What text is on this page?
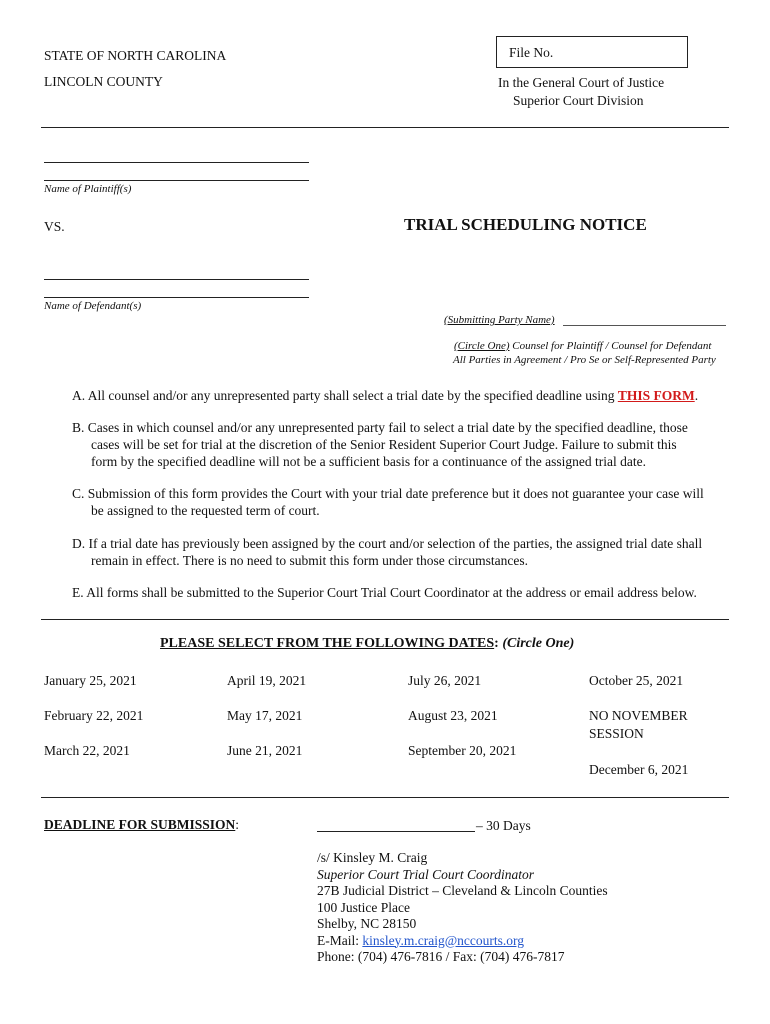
STATE OF NORTH CAROLINA
LINCOLN COUNTY
File No.
In the General Court of Justice
Superior Court Division
Name of Plaintiff(s)
VS.	TRIAL SCHEDULING NOTICE
Name of Defendant(s)
(Submitting Party Name)
(Circle One) Counsel for Plaintiff / Counsel for Defendant
All Parties in Agreement / Pro Se or Self-Represented Party
A. All counsel and/or any unrepresented party shall select a trial date by the specified deadline using THIS FORM.
B. Cases in which counsel and/or any unrepresented party fail to select a trial date by the specified deadline, those
cases will be set for trial at the discretion of the Senior Resident Superior Court Judge. Failure to submit this
form by the specified deadline will not be a sufficient basis for a continuance of the assigned trial date.
C. Submission of this form provides the Court with your trial date preference but it does not guarantee your case will
be assigned to the requested term of court.
D. If a trial date has previously been assigned by the court and/or selection of the parties, the assigned trial date shall
remain in effect. There is no need to submit this form under those circumstances.
E. All forms shall be submitted to the Superior Court Trial Court Coordinator at the address or email address below.
PLEASE SELECT FROM THE FOLLOWING DATES: (Circle One)
January 25, 2021
February 22, 2021
March 22, 2021
April 19, 2021
May 17, 2021
June 21, 2021
July 26, 2021
August 23, 2021
September 20, 2021
October 25, 2021
NO NOVEMBER
SESSION
December 6, 2021
DEADLINE FOR SUBMISSION:	– 30 Days
/s/ Kinsley M. Craig
Superior Court Trial Court Coordinator
27B Judicial District – Cleveland & Lincoln Counties
100 Justice Place
Shelby, NC 28150
E-Mail: kinsley.m.craig@nccourts.org
Phone: (704) 476-7816 / Fax: (704) 476-7817
